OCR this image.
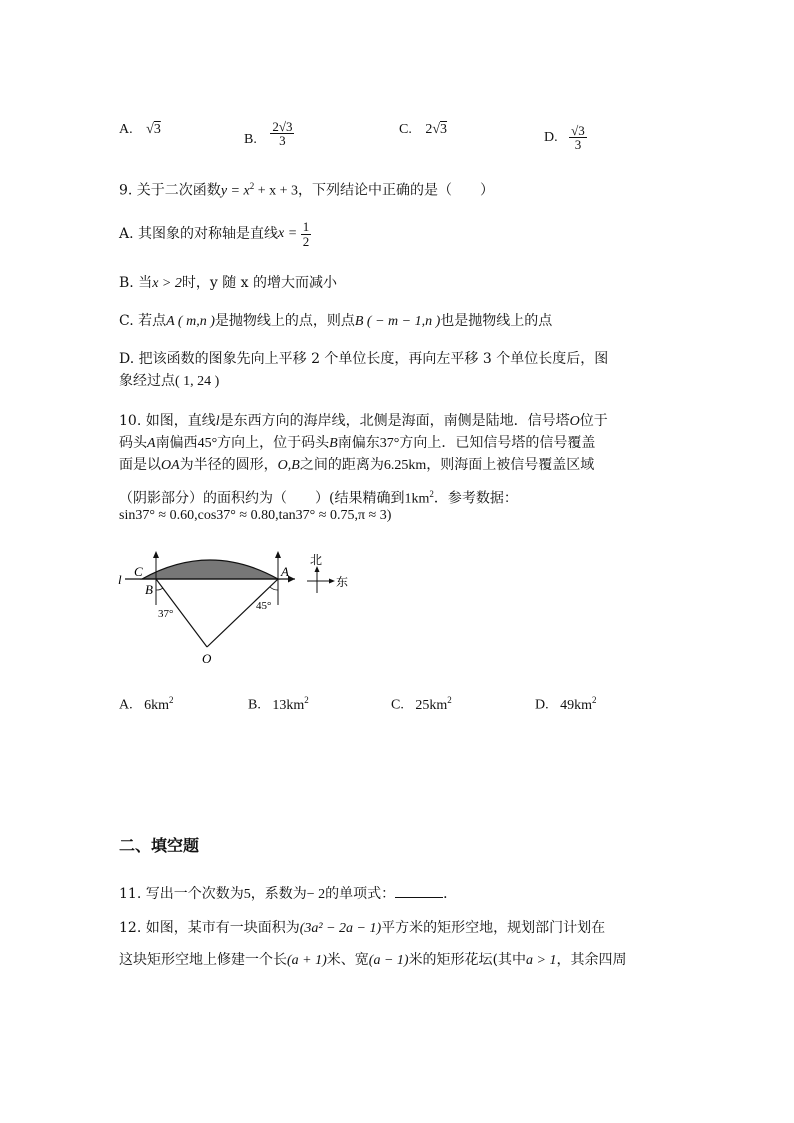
A. √3
B. $\frac{2√3}{3}$	C. 2√3
D. $\frac{√3}{3}$
9. 关于二次函数$y = x^2 + x + 3$，下列结论中正确的是（　　）
A. 其图象的对称轴是直线$x = \frac{1}{2}$
B. 当x > 2时，y 随 x 的增大而减小
C. 若点A ( m,n )是抛物线上的点，则点B ( − m − 1,n )也是抛物线上的点
D. 把该函数的图象先向上平移 2 个单位长度，再向左平移 3 个单位长度后，图
象经过点( 1, 24 )
10. 如图，直线l是东西方向的海岸线，北侧是海面，南侧是陆地．信号塔O位于
码头A南偏西45°方向上，位于码头B南偏东37°方向上．已知信号塔的信号覆盖
面是以OA为半径的圆形，O,B之间的距离为6.25km，则海面上被信号覆盖区域
（阴影部分）的面积约为（　　）(结果精确到$1km^2$．参考数据：
sin37° ≈ 0.60,cos37° ≈ 0.80,tan37° ≈ 0.75,π ≈ 3)
l
C
B
A
O
37°
45°
北
东
A. $6km^2$	B. $13km^2$	C. $25km^2$	D. $49km^2$
二、填空题
11. 写出一个次数为5，系数为− 2的单项式：	．
12. 如图，某市有一块面积为(3a² − 2a − 1)平方米的矩形空地，规划部门计划在
这块矩形空地上修建一个长(a + 1)米、宽(a − 1)米的矩形花坛(其中a > 1，其余四周
